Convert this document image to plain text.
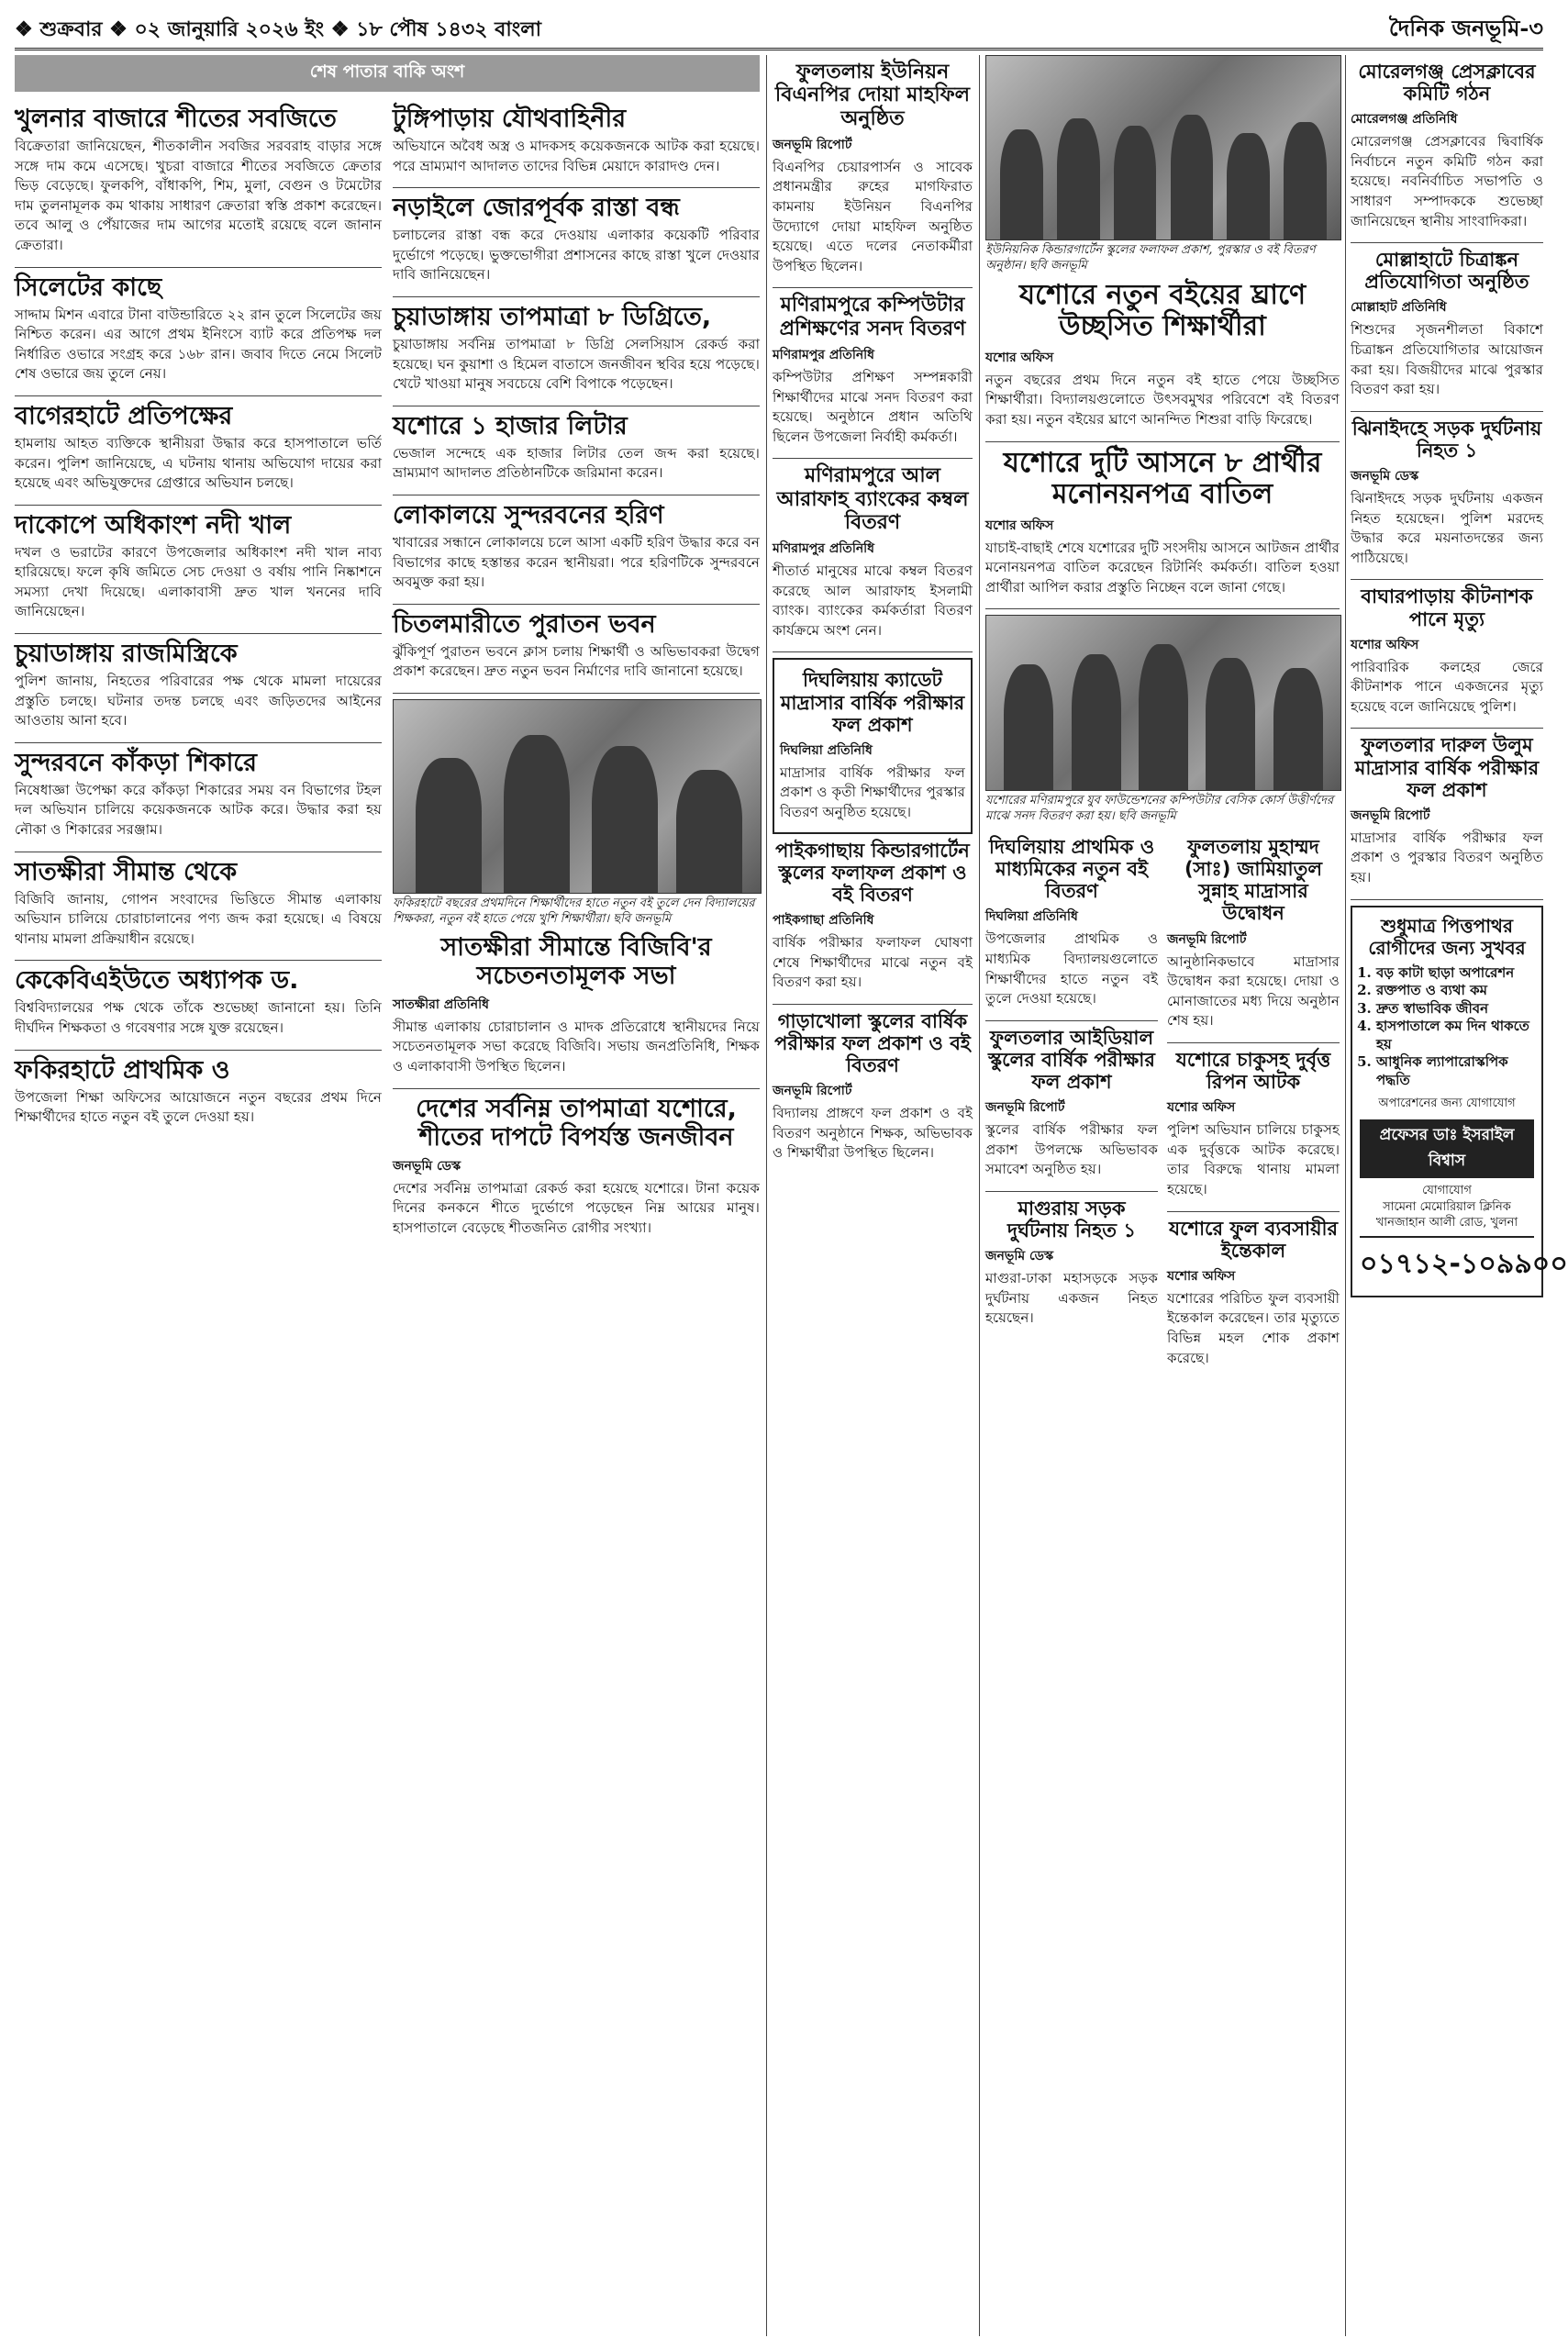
❖ শুক্রবার ❖ ০২ জানুয়ারি ২০২৬ ইং ❖ ১৮ পৌষ ১৪৩২ বাংলা	দৈনিক জনভূমি-৩
শেষ পাতার বাকি অংশ
খুলনার বাজারে শীতের সবজিতে

বিক্রেতারা জানিয়েছেন, শীতকালীন সবজির সরবরাহ বাড়ার সঙ্গে সঙ্গে দাম কমে এসেছে। খুচরা বাজারে শীতের সবজিতে ক্রেতার ভিড় বেড়েছে। ফুলকপি, বাঁধাকপি, শিম, মুলা, বেগুন ও টমেটোর দাম তুলনামূলক কম থাকায় সাধারণ ক্রেতারা স্বস্তি প্রকাশ করেছেন। তবে আলু ও পেঁয়াজের দাম আগের মতোই রয়েছে বলে জানান ক্রেতারা।

সিলেটের কাছে

সাদ্দাম মিশন এবারে টানা বাউন্ডারিতে ২২ রান তুলে সিলেটের জয় নিশ্চিত করেন। এর আগে প্রথম ইনিংসে ব্যাট করে প্রতিপক্ষ দল নির্ধারিত ওভারে সংগ্রহ করে ১৬৮ রান। জবাব দিতে নেমে সিলেট শেষ ওভারে জয় তুলে নেয়।

বাগেরহাটে প্রতিপক্ষের

হামলায় আহত ব্যক্তিকে স্থানীয়রা উদ্ধার করে হাসপাতালে ভর্তি করেন। পুলিশ জানিয়েছে, এ ঘটনায় থানায় অভিযোগ দায়ের করা হয়েছে এবং অভিযুক্তদের গ্রেপ্তারে অভিযান চলছে।

দাকোপে অধিকাংশ নদী খাল

দখল ও ভরাটের কারণে উপজেলার অধিকাংশ নদী খাল নাব্য হারিয়েছে। ফলে কৃষি জমিতে সেচ দেওয়া ও বর্ষায় পানি নিষ্কাশনে সমস্যা দেখা দিয়েছে। এলাকাবাসী দ্রুত খাল খননের দাবি জানিয়েছেন।

চুয়াডাঙ্গায় রাজমিস্ত্রিকে

পুলিশ জানায়, নিহতের পরিবারের পক্ষ থেকে মামলা দায়েরের প্রস্তুতি চলছে। ঘটনার তদন্ত চলছে এবং জড়িতদের আইনের আওতায় আনা হবে।

সুন্দরবনে কাঁকড়া শিকারে

নিষেধাজ্ঞা উপেক্ষা করে কাঁকড়া শিকারের সময় বন বিভাগের টহল দল অভিযান চালিয়ে কয়েকজনকে আটক করে। উদ্ধার করা হয় নৌকা ও শিকারের সরঞ্জাম।

সাতক্ষীরা সীমান্ত থেকে

বিজিবি জানায়, গোপন সংবাদের ভিত্তিতে সীমান্ত এলাকায় অভিযান চালিয়ে চোরাচালানের পণ্য জব্দ করা হয়েছে। এ বিষয়ে থানায় মামলা প্রক্রিয়াধীন রয়েছে।

কেকেবিএইউতে অধ্যাপক ড.

বিশ্ববিদ্যালয়ের পক্ষ থেকে তাঁকে শুভেচ্ছা জানানো হয়। তিনি দীর্ঘদিন শিক্ষকতা ও গবেষণার সঙ্গে যুক্ত রয়েছেন।

ফকিরহাটে প্রাথমিক ও

উপজেলা শিক্ষা অফিসের আয়োজনে নতুন বছরের প্রথম দিনে শিক্ষার্থীদের হাতে নতুন বই তুলে দেওয়া হয়।

টুঙ্গিপাড়ায় যৌথবাহিনীর

অভিযানে অবৈধ অস্ত্র ও মাদকসহ কয়েকজনকে আটক করা হয়েছে। পরে ভ্রাম্যমাণ আদালত তাদের বিভিন্ন মেয়াদে কারাদণ্ড দেন।

নড়াইলে জোরপূর্বক রাস্তা বন্ধ

চলাচলের রাস্তা বন্ধ করে দেওয়ায় এলাকার কয়েকটি পরিবার দুর্ভোগে পড়েছে। ভুক্তভোগীরা প্রশাসনের কাছে রাস্তা খুলে দেওয়ার দাবি জানিয়েছেন।

চুয়াডাঙ্গায় তাপমাত্রা ৮ ডিগ্রিতে,

চুয়াডাঙ্গায় সর্বনিম্ন তাপমাত্রা ৮ ডিগ্রি সেলসিয়াস রেকর্ড করা হয়েছে। ঘন কুয়াশা ও হিমেল বাতাসে জনজীবন স্থবির হয়ে পড়েছে। খেটে খাওয়া মানুষ সবচেয়ে বেশি বিপাকে পড়েছেন।

যশোরে ১ হাজার লিটার

ভেজাল সন্দেহে এক হাজার লিটার তেল জব্দ করা হয়েছে। ভ্রাম্যমাণ আদালত প্রতিষ্ঠানটিকে জরিমানা করেন।

লোকালয়ে সুন্দরবনের হরিণ

খাবারের সন্ধানে লোকালয়ে চলে আসা একটি হরিণ উদ্ধার করে বন বিভাগের কাছে হস্তান্তর করেন স্থানীয়রা। পরে হরিণটিকে সুন্দরবনে অবমুক্ত করা হয়।

চিতলমারীতে পুরাতন ভবন

ঝুঁকিপূর্ণ পুরাতন ভবনে ক্লাস চলায় শিক্ষার্থী ও অভিভাবকরা উদ্বেগ প্রকাশ করেছেন। দ্রুত নতুন ভবন নির্মাণের দাবি জানানো হয়েছে।

ফকিরহাটে বছরের প্রথমদিনে শিক্ষার্থীদের হাতে নতুন বই তুলে দেন বিদ্যালয়ের শিক্ষকরা, নতুন বই হাতে পেয়ে খুশি শিক্ষার্থীরা। ছবি জনভূমি
সাতক্ষীরা সীমান্তে বিজিবি'র সচেতনতামূলক সভা
সাতক্ষীরা প্রতিনিধি

সীমান্ত এলাকায় চোরাচালান ও মাদক প্রতিরোধে স্থানীয়দের নিয়ে সচেতনতামূলক সভা করেছে বিজিবি। সভায় জনপ্রতিনিধি, শিক্ষক ও এলাকাবাসী উপস্থিত ছিলেন।

দেশের সর্বনিম্ন তাপমাত্রা যশোরে, শীতের দাপটে বিপর্যস্ত জনজীবন
জনভূমি ডেস্ক

দেশের সর্বনিম্ন তাপমাত্রা রেকর্ড করা হয়েছে যশোরে। টানা কয়েক দিনের কনকনে শীতে দুর্ভোগে পড়েছেন নিম্ন আয়ের মানুষ। হাসপাতালে বেড়েছে শীতজনিত রোগীর সংখ্যা।

ফুলতলায় ইউনিয়ন বিএনপির দোয়া মাহফিল অনুষ্ঠিত
জনভূমি রিপোর্ট

বিএনপির চেয়ারপার্সন ও সাবেক প্রধানমন্ত্রীর রুহের মাগফিরাত কামনায় ইউনিয়ন বিএনপির উদ্যোগে দোয়া মাহফিল অনুষ্ঠিত হয়েছে। এতে দলের নেতাকর্মীরা উপস্থিত ছিলেন।

মণিরামপুরে কম্পিউটার প্রশিক্ষণের সনদ বিতরণ
মণিরামপুর প্রতিনিধি

কম্পিউটার প্রশিক্ষণ সম্পন্নকারী শিক্ষার্থীদের মাঝে সনদ বিতরণ করা হয়েছে। অনুষ্ঠানে প্রধান অতিথি ছিলেন উপজেলা নির্বাহী কর্মকর্তা।

মণিরামপুরে আল আরাফাহ ব্যাংকের কম্বল বিতরণ
মণিরামপুর প্রতিনিধি

শীতার্ত মানুষের মাঝে কম্বল বিতরণ করেছে আল আরাফাহ ইসলামী ব্যাংক। ব্যাংকের কর্মকর্তারা বিতরণ কার্যক্রমে অংশ নেন।

দিঘলিয়ায় ক্যাডেট মাদ্রাসার বার্ষিক পরীক্ষার ফল প্রকাশ
দিঘলিয়া প্রতিনিধি

মাদ্রাসার বার্ষিক পরীক্ষার ফল প্রকাশ ও কৃতী শিক্ষার্থীদের পুরস্কার বিতরণ অনুষ্ঠিত হয়েছে।

পাইকগাছায় কিন্ডারগার্টেন স্কুলের ফলাফল প্রকাশ ও বই বিতরণ
পাইকগাছা প্রতিনিধি

বার্ষিক পরীক্ষার ফলাফল ঘোষণা শেষে শিক্ষার্থীদের মাঝে নতুন বই বিতরণ করা হয়।

গাড়াখোলা স্কুলের বার্ষিক পরীক্ষার ফল প্রকাশ ও বই বিতরণ
জনভূমি রিপোর্ট

বিদ্যালয় প্রাঙ্গণে ফল প্রকাশ ও বই বিতরণ অনুষ্ঠানে শিক্ষক, অভিভাবক ও শিক্ষার্থীরা উপস্থিত ছিলেন।

ইউনিয়নিক কিন্ডারগার্টেন স্কুলের ফলাফল প্রকাশ, পুরস্কার ও বই বিতরণ অনুষ্ঠান। ছবি জনভূমি
যশোরে নতুন বইয়ের ঘ্রাণে উচ্ছসিত শিক্ষার্থীরা
যশোর অফিস

নতুন বছরের প্রথম দিনে নতুন বই হাতে পেয়ে উচ্ছসিত শিক্ষার্থীরা। বিদ্যালয়গুলোতে উৎসবমুখর পরিবেশে বই বিতরণ করা হয়। নতুন বইয়ের ঘ্রাণে আনন্দিত শিশুরা বাড়ি ফিরেছে।

যশোরে দুটি আসনে ৮ প্রার্থীর মনোনয়নপত্র বাতিল
যশোর অফিস

যাচাই-বাছাই শেষে যশোরের দুটি সংসদীয় আসনে আটজন প্রার্থীর মনোনয়নপত্র বাতিল করেছেন রিটার্নিং কর্মকর্তা। বাতিল হওয়া প্রার্থীরা আপিল করার প্রস্তুতি নিচ্ছেন বলে জানা গেছে।

যশোরের মণিরামপুরে যুব ফাউন্ডেশনের কম্পিউটার বেসিক কোর্স উত্তীর্ণদের মাঝে সনদ বিতরণ করা হয়। ছবি জনভূমি
দিঘলিয়ায় প্রাথমিক ও মাধ্যমিকের নতুন বই বিতরণ
দিঘলিয়া প্রতিনিধি

উপজেলার প্রাথমিক ও মাধ্যমিক বিদ্যালয়গুলোতে শিক্ষার্থীদের হাতে নতুন বই তুলে দেওয়া হয়েছে।

ফুলতলার আইডিয়াল স্কুলের বার্ষিক পরীক্ষার ফল প্রকাশ
জনভূমি রিপোর্ট

স্কুলের বার্ষিক পরীক্ষার ফল প্রকাশ উপলক্ষে অভিভাবক সমাবেশ অনুষ্ঠিত হয়।

মাগুরায় সড়ক দুর্ঘটনায় নিহত ১
জনভূমি ডেস্ক

মাগুরা-ঢাকা মহাসড়কে সড়ক দুর্ঘটনায় একজন নিহত হয়েছেন।

ফুলতলায় মুহাম্মদ (সাঃ) জামিয়াতুল সুন্নাহ মাদ্রাসার উদ্বোধন
জনভূমি রিপোর্ট

আনুষ্ঠানিকভাবে মাদ্রাসার উদ্বোধন করা হয়েছে। দোয়া ও মোনাজাতের মধ্য দিয়ে অনুষ্ঠান শেষ হয়।

যশোরে চাকুসহ দুর্বৃত্ত রিপন আটক
যশোর অফিস

পুলিশ অভিযান চালিয়ে চাকুসহ এক দুর্বৃত্তকে আটক করেছে। তার বিরুদ্ধে থানায় মামলা হয়েছে।

যশোরে ফুল ব্যবসায়ীর ইন্তেকাল
যশোর অফিস

যশোরের পরিচিত ফুল ব্যবসায়ী ইন্তেকাল করেছেন। তার মৃত্যুতে বিভিন্ন মহল শোক প্রকাশ করেছে।

মোরেলগঞ্জ প্রেসক্লাবের কমিটি গঠন
মোরেলগঞ্জ প্রতিনিধি

মোরেলগঞ্জ প্রেসক্লাবের দ্বিবার্ষিক নির্বাচনে নতুন কমিটি গঠন করা হয়েছে। নবনির্বাচিত সভাপতি ও সাধারণ সম্পাদককে শুভেচ্ছা জানিয়েছেন স্থানীয় সাংবাদিকরা।

মোল্লাহাটে চিত্রাঙ্কন প্রতিযোগিতা অনুষ্ঠিত
মোল্লাহাট প্রতিনিধি

শিশুদের সৃজনশীলতা বিকাশে চিত্রাঙ্কন প্রতিযোগিতার আয়োজন করা হয়। বিজয়ীদের মাঝে পুরস্কার বিতরণ করা হয়।

ঝিনাইদহে সড়ক দুর্ঘটনায় নিহত ১
জনভূমি ডেস্ক

ঝিনাইদহে সড়ক দুর্ঘটনায় একজন নিহত হয়েছেন। পুলিশ মরদেহ উদ্ধার করে ময়নাতদন্তের জন্য পাঠিয়েছে।

বাঘারপাড়ায় কীটনাশক পানে মৃত্যু
যশোর অফিস

পারিবারিক কলহের জেরে কীটনাশক পানে একজনের মৃত্যু হয়েছে বলে জানিয়েছে পুলিশ।

ফুলতলার দারুল উলুম মাদ্রাসার বার্ষিক পরীক্ষার ফল প্রকাশ
জনভূমি রিপোর্ট

মাদ্রাসার বার্ষিক পরীক্ষার ফল প্রকাশ ও পুরস্কার বিতরণ অনুষ্ঠিত হয়।

শুধুমাত্র পিত্তপাথর রোগীদের জন্য সুখবর
1. বড় কাটা ছাড়া অপারেশন
2. রক্তপাত ও ব্যথা কম
3. দ্রুত স্বাভাবিক জীবন
4. হাসপাতালে কম দিন থাকতে হয়
5. আধুনিক ল্যাপারোস্কপিক পদ্ধতি
অপারেশনের জন্য যোগাযোগ
প্রফেসর ডাঃ ইসরাইল বিশ্বাস
যোগাযোগ
সামেনা মেমোরিয়াল ক্লিনিক
খানজাহান আলী রোড, খুলনা
০১৭১২-১০৯৯০০
